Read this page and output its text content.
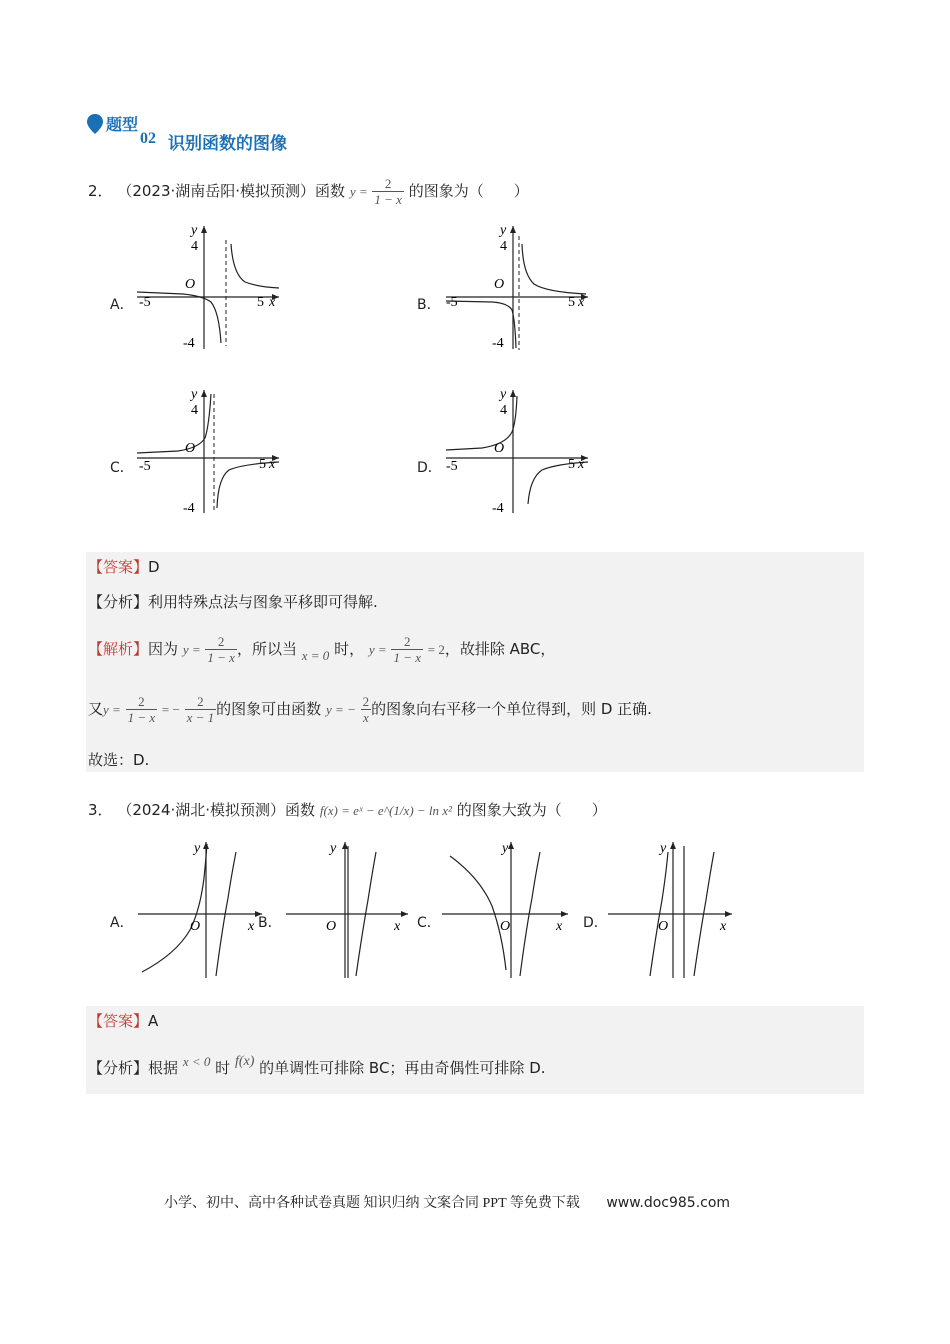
题型
02 识别函数的图像
2． （2023·湖南岳阳·模拟预测）函数 $y = \frac{2}{1 - x}$ 的图象为（　　）
A．	B．
C．	D．
y
4
O
-5	5 x
-4
y
4
O
-5	5 x
-4
y
4
O
-5	5 x
-4
y
4
O
-5	5 x
-4
【答案】D
【分析】利用特殊点法与图象平移即可得解.
【解析】因为 $y = \frac{2}{1 - x}$ ，所以当 x = 0 时， $y = \frac{2}{1 - x} = 2$，故排除 ABC，
又$y = \frac{2}{1 - x}$ = − $\frac{2}{x - 1}$ 的图象可由函数 y = − $\frac{2}{x}$ 的图象向右平移一个单位得到，则 D 正确.
故选：D.
3． （2024·湖北·模拟预测）函数 f(x) = eˣ − e^(1/x) − ln x² 的图象大致为（　　）
A．	B．	C．	D．
y
O	x
y
O	x
y
O	x
y
O	x
【答案】A
【分析】根据 x < 0 时 f(x) 的单调性可排除 BC；再由奇偶性可排除 D.
小学、初中、高中各种试卷真题 知识归纳 文案合同 PPT 等免费下载 www.doc985.com
